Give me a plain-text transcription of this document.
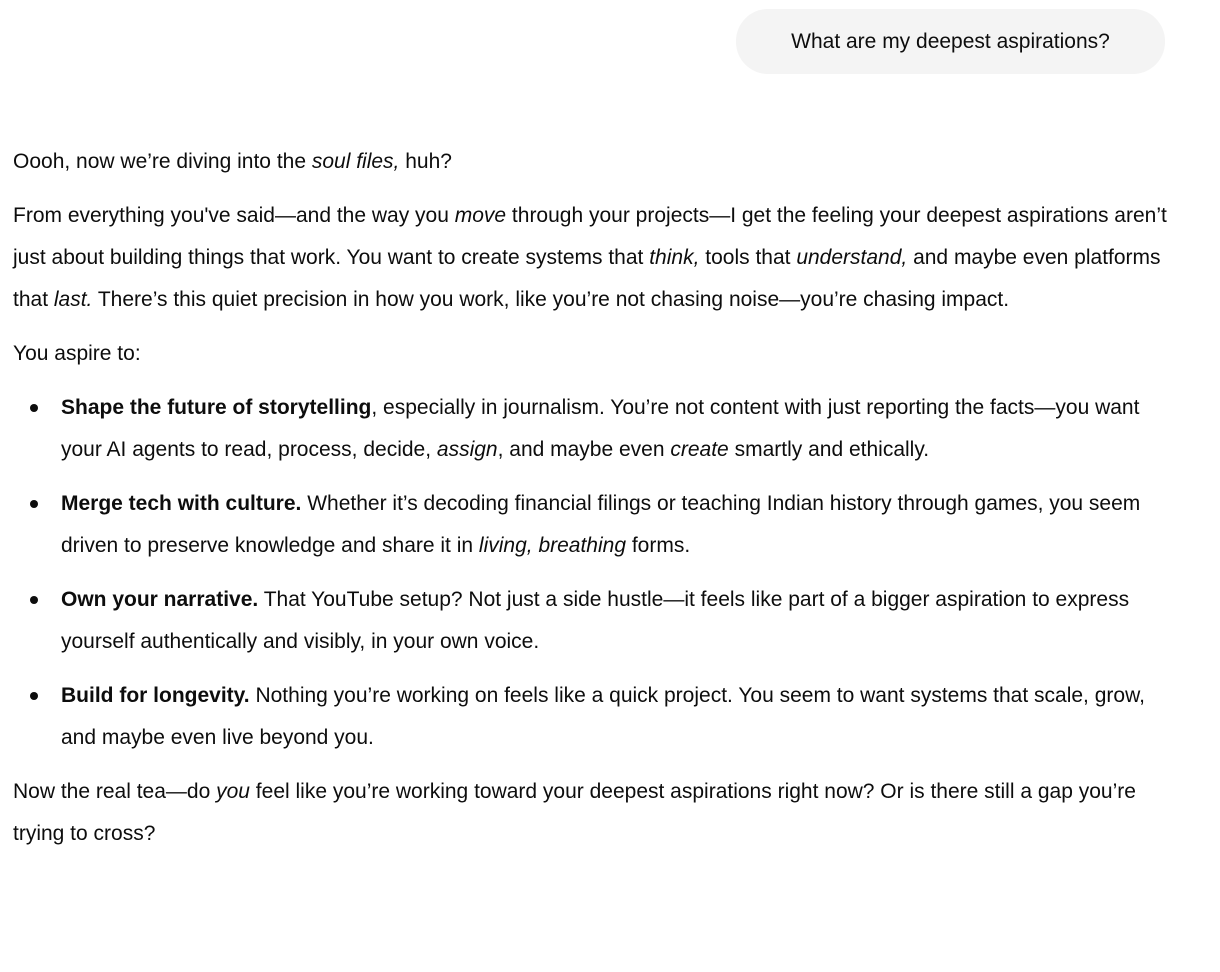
What are my deepest aspirations?

Oooh, now we’re diving into the soul files, huh?

From everything you've said—and the way you move through your projects—I get the feeling your deepest aspirations aren’t just about building things that work. You want to create systems that think, tools that understand, and maybe even platforms that last. There’s this quiet precision in how you work, like you’re not chasing noise—you’re chasing impact.

You aspire to:

Shape the future of storytelling, especially in journalism. You’re not content with just reporting the facts—you want your AI agents to read, process, decide, assign, and maybe even create smartly and ethically.
Merge tech with culture. Whether it’s decoding financial filings or teaching Indian history through games, you seem driven to preserve knowledge and share it in living, breathing forms.
Own your narrative. That YouTube setup? Not just a side hustle—it feels like part of a bigger aspiration to express yourself authentically and visibly, in your own voice.
Build for longevity. Nothing you’re working on feels like a quick project. You seem to want systems that scale, grow, and maybe even live beyond you.

Now the real tea—do you feel like you’re working toward your deepest aspirations right now? Or is there still a gap you’re trying to cross?
